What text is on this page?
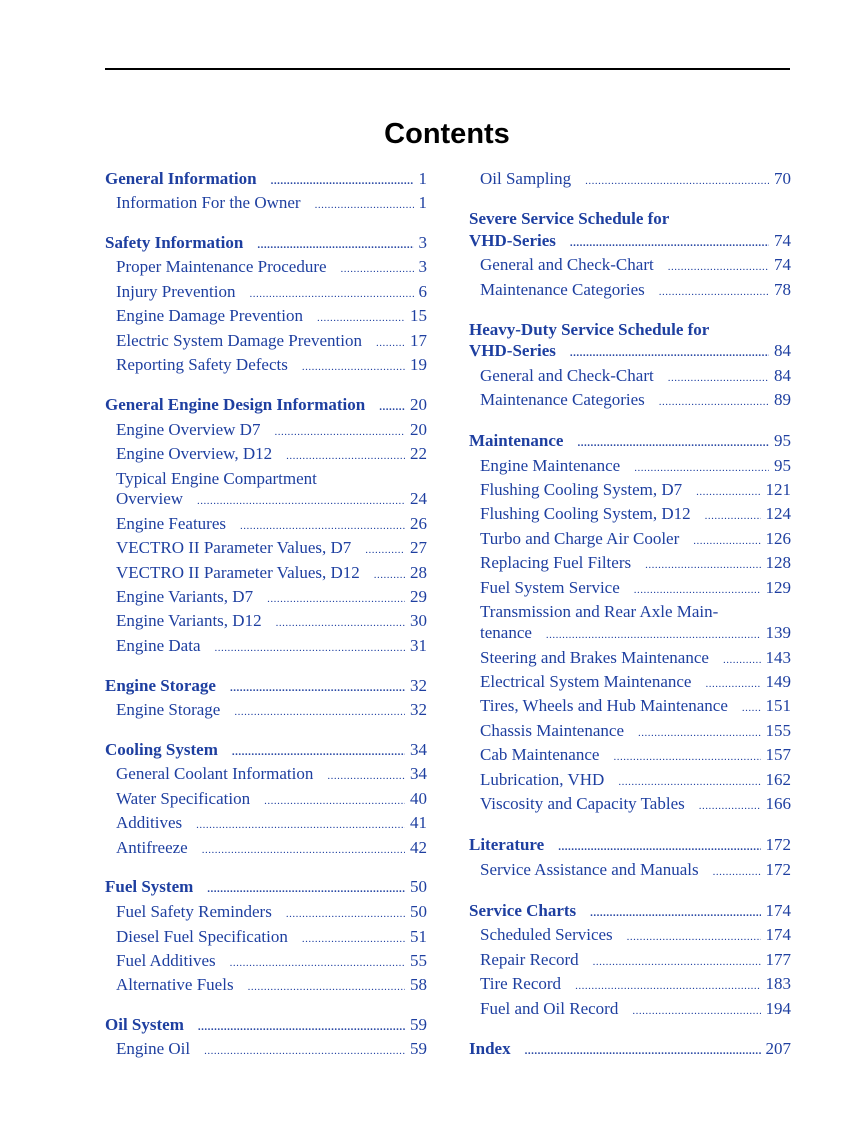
Contents
General Information .....	1
Information For the Owner .....	1
Safety Information .....	3
Proper Maintenance Procedure .....	3
Injury Prevention .....	6
Engine Damage Prevention .....	15
Electric System Damage Prevention .....	17
Reporting Safety Defects .....	19
General Engine Design Information .....	20
Engine Overview D7 .....	20
Engine Overview, D12 .....	22
Typical Engine Compartment
Overview .....	24
Engine Features .....	26
VECTRO II Parameter Values, D7 .....	27
VECTRO II Parameter Values, D12 .....	28
Engine Variants, D7 .....	29
Engine Variants, D12 .....	30
Engine Data .....	31
Engine Storage .....	32
Engine Storage .....	32
Cooling System .....	34
General Coolant Information .....	34
Water Specification .....	40
Additives .....	41
Antifreeze .....	42
Fuel System .....	50
Fuel Safety Reminders .....	50
Diesel Fuel Specification .....	51
Fuel Additives .....	55
Alternative Fuels .....	58
Oil System .....	59
Engine Oil .....	59
Oil Sampling .....	70
Severe Service Schedule for
VHD-Series .....	74
General and Check-Chart .....	74
Maintenance Categories .....	78
Heavy-Duty Service Schedule for
VHD-Series .....	84
General and Check-Chart .....	84
Maintenance Categories .....	89
Maintenance .....	95
Engine Maintenance .....	95
Flushing Cooling System, D7 .....	121
Flushing Cooling System, D12 .....	124
Turbo and Charge Air Cooler .....	126
Replacing Fuel Filters .....	128
Fuel System Service .....	129
Transmission and Rear Axle Main-
tenance .....	139
Steering and Brakes Maintenance .....	143
Electrical System Maintenance .....	149
Tires, Wheels and Hub Maintenance ..... 151
Chassis Maintenance .....	155
Cab Maintenance .....	157
Lubrication, VHD .....	162
Viscosity and Capacity Tables .....	166
Literature .....	172
Service Assistance and Manuals .....	172
Service Charts .....	174
Scheduled Services .....	174
Repair Record .....	177
Tire Record .....	183
Fuel and Oil Record .....	194
Index .....	207
